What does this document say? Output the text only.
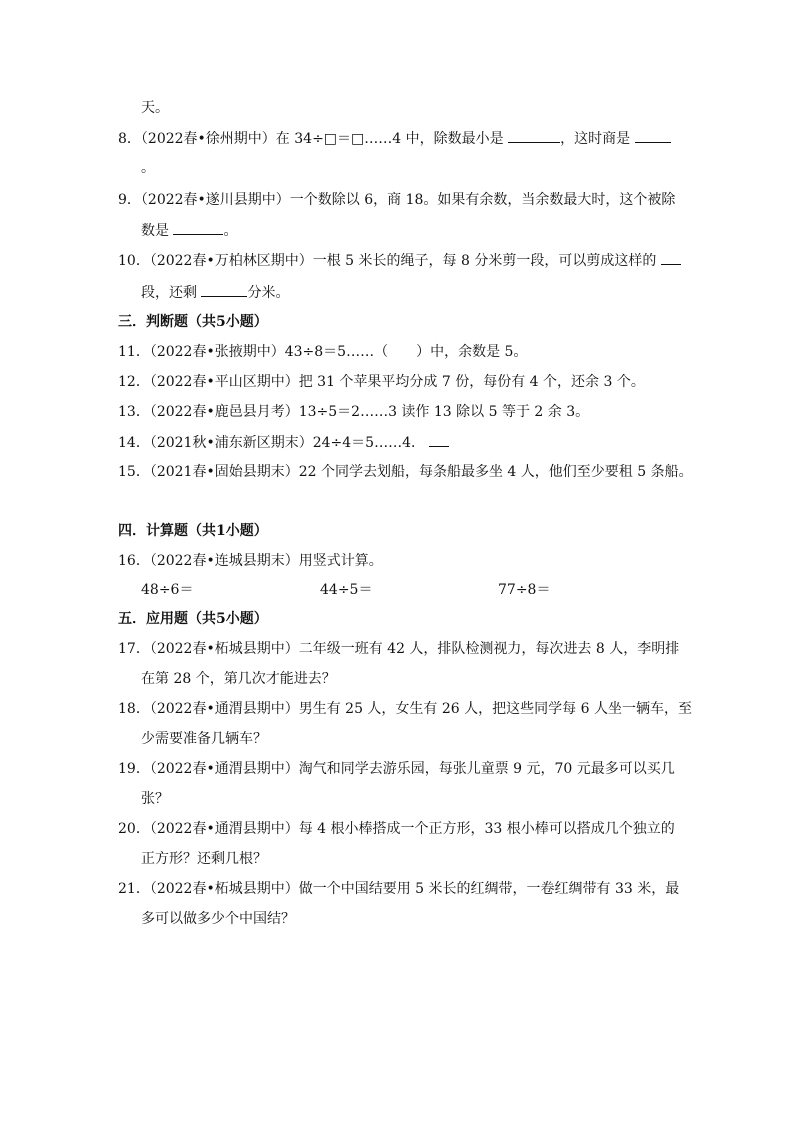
天。
8．（2022春•徐州期中）在 34÷□＝□……4 中，除数最小是	，这时商是
。
9．（2022春•遂川县期中）一个数除以 6，商 18。如果有余数，当余数最大时，这个被除
数是	。
10．（2022春•万柏林区期中）一根 5 米长的绳子，每 8 分米剪一段，可以剪成这样的
段，还剩	分米。
三．判断题（共5小题）
11．（2022春•张掖期中）43÷8＝5……（　　）中，余数是 5。
12．（2022春•平山区期中）把 31 个苹果平均分成 7 份，每份有 4 个，还余 3 个。
13．（2022春•鹿邑县月考）13÷5＝2……3 读作 13 除以 5 等于 2 余 3。
14．（2021秋•浦东新区期末）24÷4＝5……4．
15．（2021春•固始县期末）22 个同学去划船，每条船最多坐 4 人，他们至少要租 5 条船。
四．计算题（共1小题）
16．（2022春•连城县期末）用竖式计算。
48÷6＝	44÷5＝	77÷8＝
五．应用题（共5小题）
17．（2022春•柘城县期中）二年级一班有 42 人，排队检测视力，每次进去 8 人，李明排
在第 28 个，第几次才能进去？
18．（2022春•通渭县期中）男生有 25 人，女生有 26 人，把这些同学每 6 人坐一辆车，至
少需要准备几辆车？
19．（2022春•通渭县期中）淘气和同学去游乐园，每张儿童票 9 元，70 元最多可以买几
张？
20．（2022春•通渭县期中）每 4 根小棒搭成一个正方形，33 根小棒可以搭成几个独立的
正方形？还剩几根？
21．（2022春•柘城县期中）做一个中国结要用 5 米长的红绸带，一卷红绸带有 33 米，最
多可以做多少个中国结？
